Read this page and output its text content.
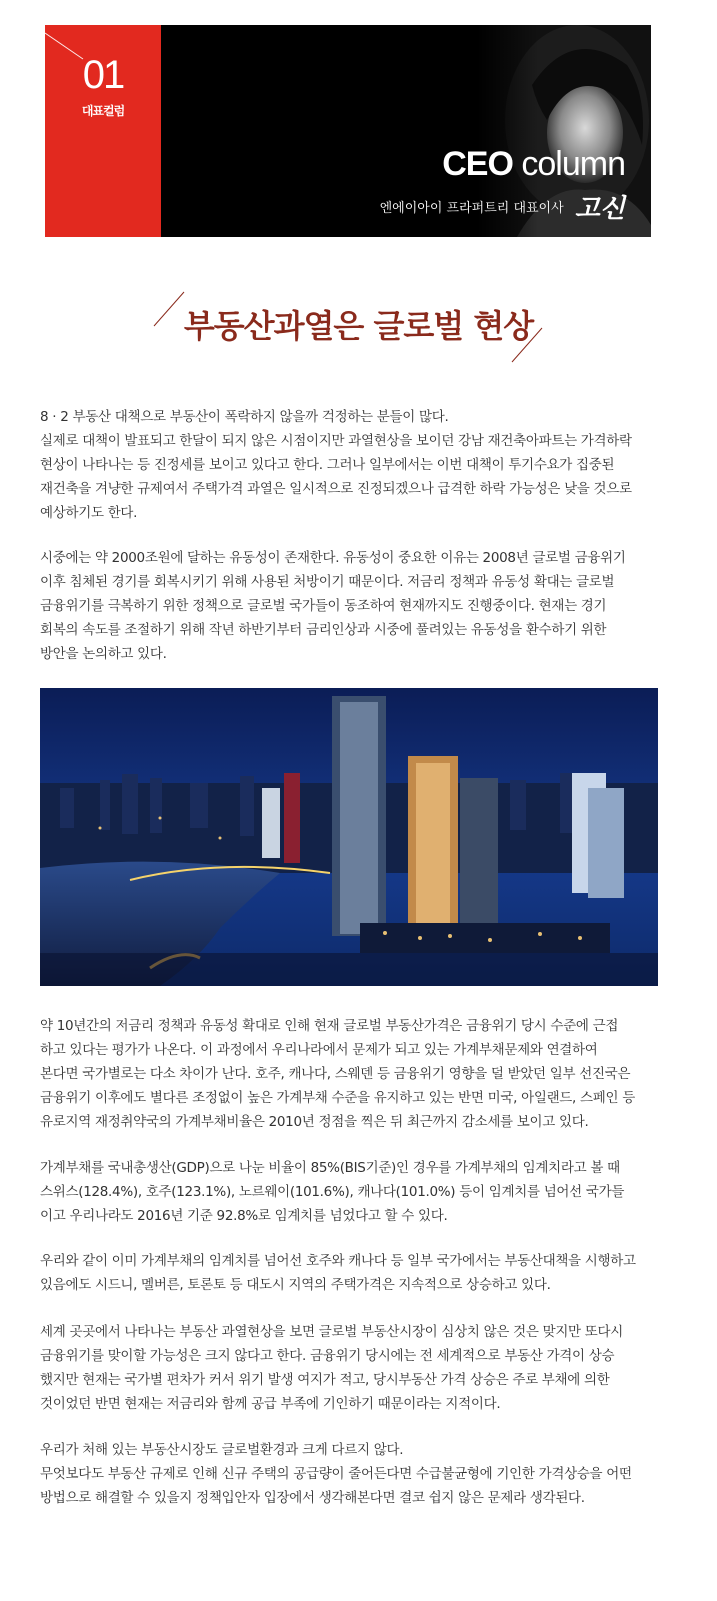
01
대표컬럼
CEO column
엔에이아이 프라퍼트리 대표이사 고신
부동산과열은 글로벌 현상
8 · 2 부동산 대책으로 부동산이 폭락하지 않을까 걱정하는 분들이 많다.
실제로 대책이 발표되고 한달이 되지 않은 시점이지만 과열현상을 보이던 강남 재건축아파트는 가격하락
현상이 나타나는 등 진정세를 보이고 있다고 한다. 그러나 일부에서는 이번 대책이 투기수요가 집중된
재건축을 겨냥한 규제여서 주택가격 과열은 일시적으로 진정되겠으나 급격한 하락 가능성은 낮을 것으로
예상하기도 한다.
시중에는 약 2000조원에 달하는 유동성이 존재한다. 유동성이 중요한 이유는 2008년 글로벌 금융위기
이후 침체된 경기를 회복시키기 위해 사용된 처방이기 때문이다. 저금리 정책과 유동성 확대는 글로벌
금융위기를 극복하기 위한 정책으로 글로벌 국가들이 동조하여 현재까지도 진행중이다. 현재는 경기
회복의 속도를 조절하기 위해 작년 하반기부터 금리인상과 시중에 풀려있는 유동성을 환수하기 위한
방안을 논의하고 있다.
약 10년간의 저금리 정책과 유동성 확대로 인해 현재 글로벌 부동산가격은 금융위기 당시 수준에 근접
하고 있다는 평가가 나온다. 이 과정에서 우리나라에서 문제가 되고 있는 가계부채문제와 연결하여
본다면 국가별로는 다소 차이가 난다. 호주, 캐나다, 스웨덴 등 금융위기 영향을 덜 받았던 일부 선진국은
금융위기 이후에도 별다른 조정없이 높은 가계부채 수준을 유지하고 있는 반면 미국, 아일랜드, 스페인 등
유로지역 재정취약국의 가계부채비율은 2010년 정점을 찍은 뒤 최근까지 감소세를 보이고 있다.
가계부채를 국내총생산(GDP)으로 나눈 비율이 85%(BIS기준)인 경우를 가계부채의 임계치라고 볼 때
스위스(128.4%), 호주(123.1%), 노르웨이(101.6%), 캐나다(101.0%) 등이 임계치를 넘어선 국가들
이고 우리나라도 2016년 기준 92.8%로 임계치를 넘었다고 할 수 있다.
우리와 같이 이미 가계부채의 임계치를 넘어선 호주와 캐나다 등 일부 국가에서는 부동산대책을 시행하고
있음에도 시드니, 멜버른, 토론토 등 대도시 지역의 주택가격은 지속적으로 상승하고 있다.
세계 곳곳에서 나타나는 부동산 과열현상을 보면 글로벌 부동산시장이 심상치 않은 것은 맞지만 또다시
금융위기를 맞이할 가능성은 크지 않다고 한다. 금융위기 당시에는 전 세계적으로 부동산 가격이 상승
했지만 현재는 국가별 편차가 커서 위기 발생 여지가 적고, 당시부동산 가격 상승은 주로 부채에 의한
것이었던 반면 현재는 저금리와 함께 공급 부족에 기인하기 때문이라는 지적이다.
우리가 처해 있는 부동산시장도 글로벌환경과 크게 다르지 않다.
무엇보다도 부동산 규제로 인해 신규 주택의 공급량이 줄어든다면 수급불균형에 기인한 가격상승을 어떤
방법으로 해결할 수 있을지 정책입안자 입장에서 생각해본다면 결코 쉽지 않은 문제라 생각된다.
